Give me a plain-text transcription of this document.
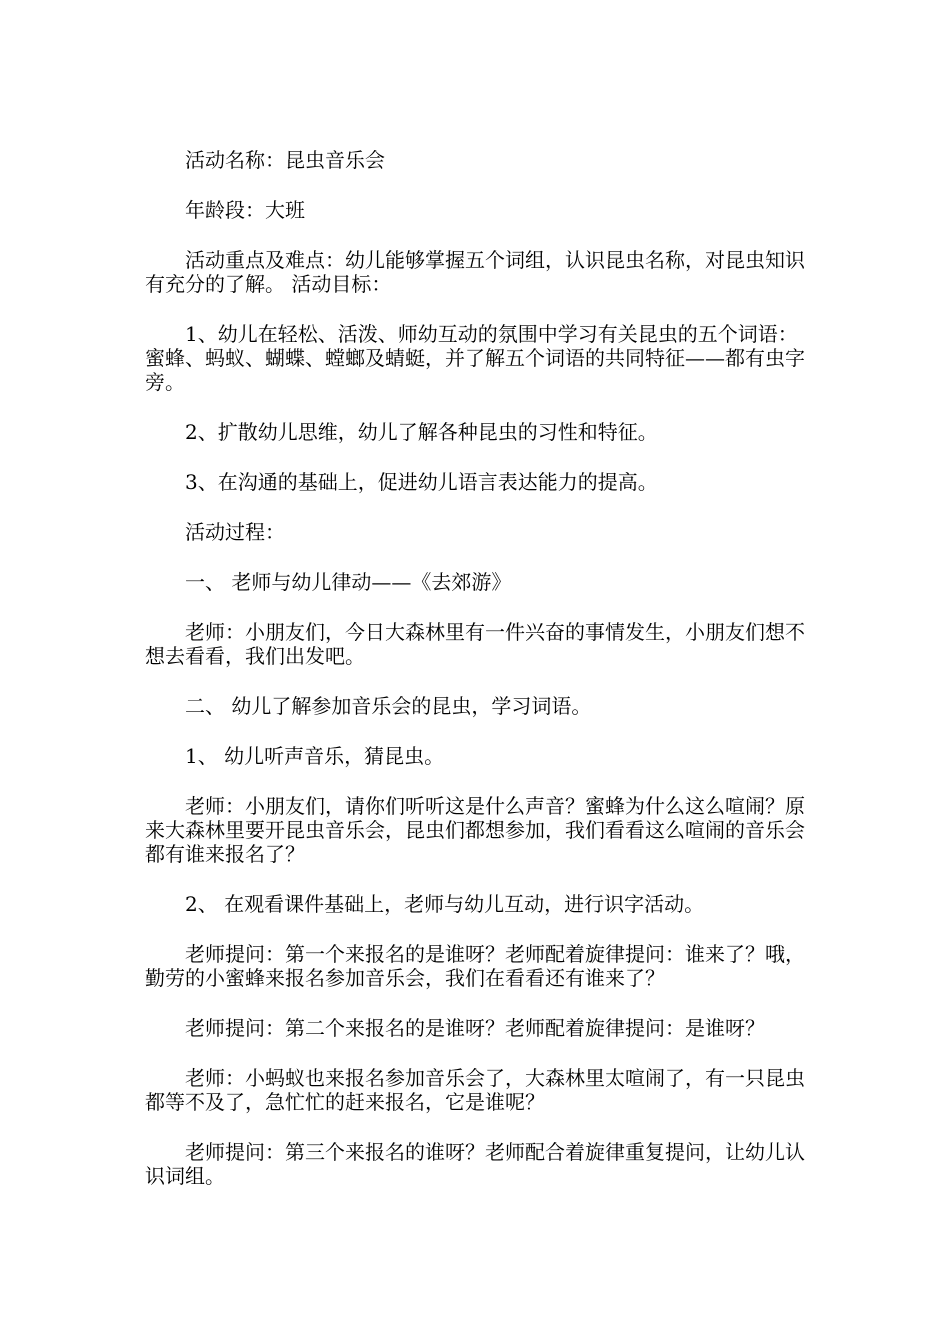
活动名称：昆虫音乐会

年龄段：大班

活动重点及难点：幼儿能够掌握五个词组，认识昆虫名称，对昆虫知识有充分的了解。 活动目标：

1、幼儿在轻松、活泼、师幼互动的氛围中学习有关昆虫的五个词语：蜜蜂、蚂蚁、蝴蝶、螳螂及蜻蜓，并了解五个词语的共同特征——都有虫字旁。

2、扩散幼儿思维，幼儿了解各种昆虫的习性和特征。

3、在沟通的基础上，促进幼儿语言表达能力的提高。

活动过程：

一、 老师与幼儿律动——《去郊游》

老师：小朋友们，今日大森林里有一件兴奋的事情发生，小朋友们想不想去看看，我们出发吧。

二、 幼儿了解参加音乐会的昆虫，学习词语。

1、 幼儿听声音乐，猜昆虫。

老师：小朋友们，请你们听听这是什么声音？蜜蜂为什么这么喧闹？原来大森林里要开昆虫音乐会，昆虫们都想参加，我们看看这么喧闹的音乐会都有谁来报名了？

2、 在观看课件基础上，老师与幼儿互动，进行识字活动。

老师提问：第一个来报名的是谁呀？老师配着旋律提问：谁来了？哦，勤劳的小蜜蜂来报名参加音乐会，我们在看看还有谁来了？

老师提问：第二个来报名的是谁呀？老师配着旋律提问：是谁呀？

老师：小蚂蚁也来报名参加音乐会了，大森林里太喧闹了，有一只昆虫都等不及了，急忙忙的赶来报名，它是谁呢？

老师提问：第三个来报名的谁呀？老师配合着旋律重复提问，让幼儿认识词组。
